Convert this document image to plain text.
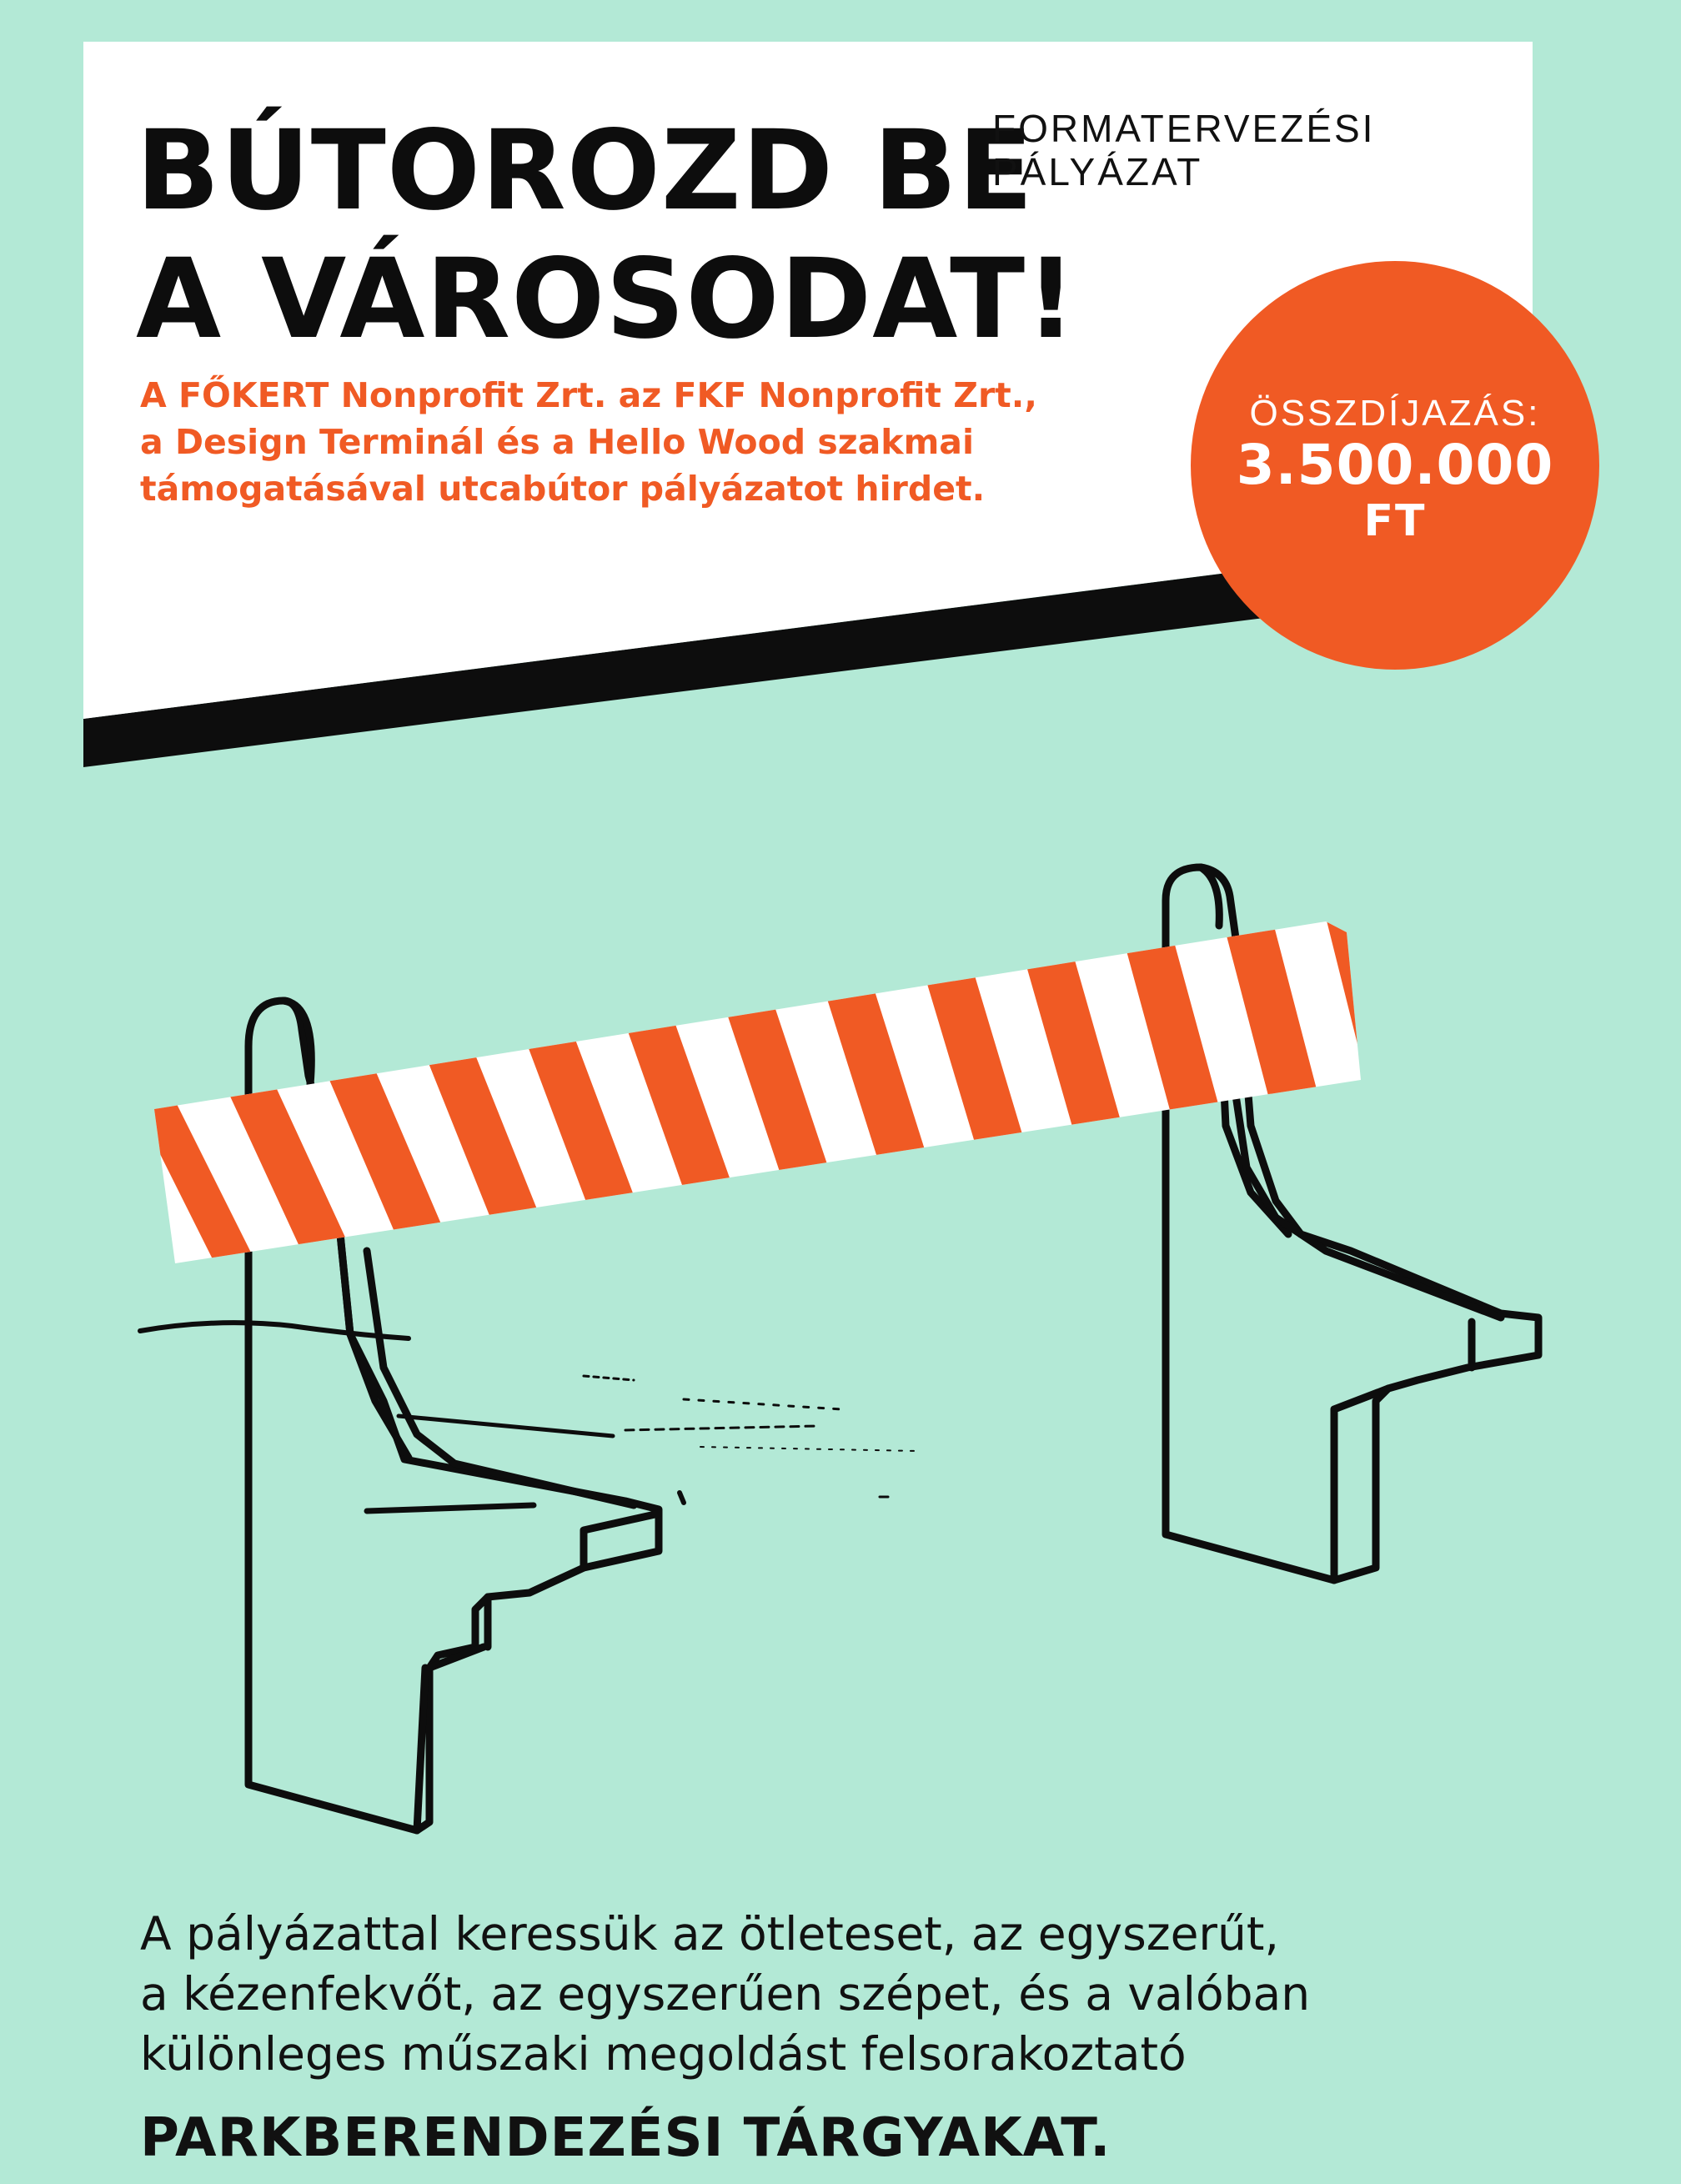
BÚTOROZD BE
A VÁROSODAT!
FORMATERVEZÉSI
PÁLYÁZAT
A FŐKERT Nonprofit Zrt. az FKF Nonprofit Zrt.,
a Design Terminál és a Hello Wood szakmai
támogatásával utcabútor pályázatot hirdet.
ÖSSZDÍJAZÁS:
3.500.000
FT
A pályázattal keressük az ötleteset, az egyszerűt,
a kézenfekvőt, az egyszerűen szépet, és a valóban
különleges műszaki megoldást felsorakoztató
PARKBERENDEZÉSI TÁRGYAKAT.
